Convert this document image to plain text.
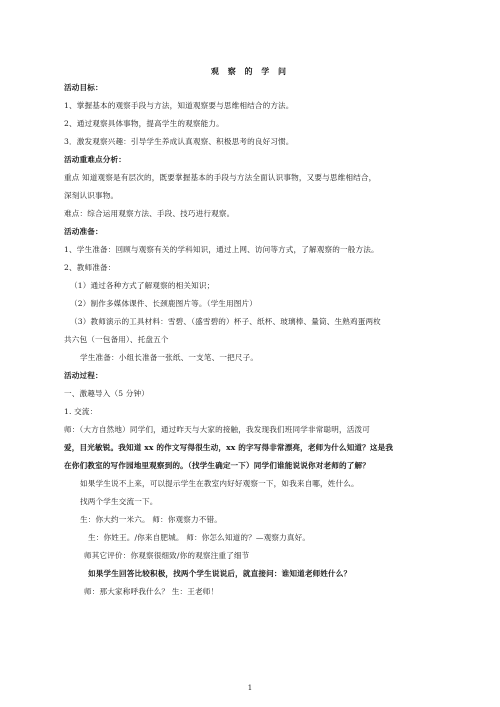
观 察 的 学 问
活动目标：
1、掌握基本的观察手段与方法，知道观察要与思维相结合的方法。
2、通过观察具体事物，提高学生的观察能力。
3．激发观察兴趣：引导学生养成认真观察、积极思考的良好习惯。
活动重难点分析：
重点 知道观察是有层次的，既要掌握基本的手段与方法全面认识事物，又要与思维相结合，
深刻认识事物。
难点：综合运用观察方法、手段、技巧进行观察。
活动准备：
1、学生准备：回顾与观察有关的学科知识，通过上网、访问等方式，了解观察的一般方法。
2、教师准备：
（1）通过各种方式了解观察的相关知识；
（2）制作多媒体课件、长颈鹿图片等。（学生用图片）
（3）教师演示的工具材料：雪碧、（盛雪碧的）杯子、纸杯、玻璃棒、量筒、生熟鸡蛋两枚
共六包（一包备用）、托盘五个
学生准备：小组长准备一张纸、一支笔、一把尺子。
活动过程：
一、激趣导入（5 分钟）
1. 交流：
师：（大方自然地）同学们，通过昨天与大家的接触，我发现我们班同学非常聪明，活泼可
爱，目光敏锐。我知道 xx 的作文写得很生动，xx 的字写得非常漂亮，老师为什么知道？这是我
在你们教室的写作园地里观察到的。（找学生确定一下）同学们谁能说说你对老师的了解？
如果学生说不上来，可以提示学生在教室内好好观察一下，如我来自哪，姓什么。
找两个学生交流一下。
生：你大约一米六。 师：你观察力不错。
生：你姓王。/你来自肥城。 师：你怎么知道的？—观察力真好。
师其它评价：你观察很细致/你的观察注重了细节
如果学生回答比较积极，找两个学生说说后，就直接问：谁知道老师姓什么？
师：那大家称呼我什么？ 生：王老师！
1
